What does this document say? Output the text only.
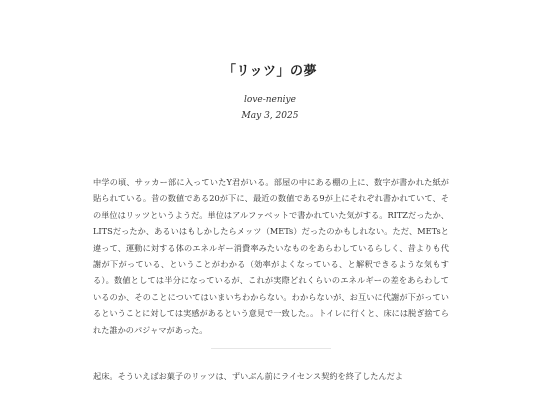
「リッツ」の夢
love-neniye
May 3, 2025

中学の頃、サッカー部に入っていたY君がいる。部屋の中にある棚の上に、数字が書かれた紙が貼られている。昔の数値である20が下に、最近の数値である9が上にそれぞれ書かれていて、その単位はリッツというようだ。単位はアルファベットで書かれていた気がする。RITZだったか、LITSだったか、あるいはもしかしたらメッツ（METs）だったのかもしれない。ただ、METsと違って、運動に対する体のエネルギー消費率みたいなものをあらわしているらしく、昔よりも代謝が下がっている、ということがわかる（効率がよくなっている、と解釈できるような気もする）。数値としては半分になっているが、これが実際どれくらいのエネルギーの差をあらわしているのか、そのことについてはいまいちわからない。わからないが、お互いに代謝が下がっているということに対しては実感があるという意見で一致した。。トイレに行くと、床には脱ぎ捨てられた誰かのパジャマがあった。

起床。そういえばお菓子のリッツは、ずいぶん前にライセンス契約を終了したんだよ
